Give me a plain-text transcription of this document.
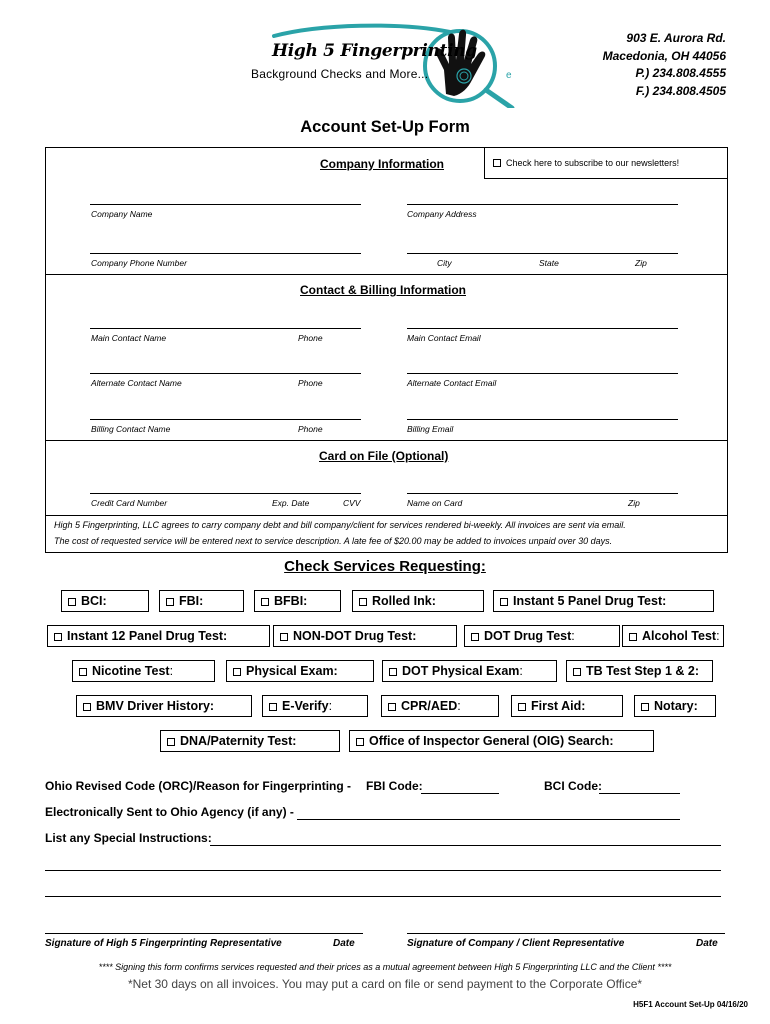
e
High 5 Fingerprinting
Background Checks and More...
903 E. Aurora Rd.
Macedonia, OH 44056
P.) 234.808.4555
F.) 234.808.4505
Account Set-Up Form
Company Information
Company Name	Company Address
Company Phone Number	City	State	Zip
Contact & Billing Information
Main Contact Name	Phone	Main Contact Email
Alternate Contact Name	Phone	Alternate Contact Email
Billing Contact Name	Phone	Billing Email
Card on File (Optional)
Credit Card Number	Exp. Date	CVV	Name on Card	Zip
High 5 Fingerprinting, LLC agrees to carry company debt and bill company/client for services rendered bi-weekly. All invoices are sent via email.
The cost of requested service will be entered next to service description. A late fee of $20.00 may be added to invoices unpaid over 30 days.
Check here to subscribe to our newsletters!
Check Services Requesting:
BCI:	FBI:	BFBI:	Rolled Ink:	Instant 5 Panel Drug Test:
Instant 12 Panel Drug Test:	NON-DOT Drug Test:	DOT Drug Test:	Alcohol Test:
Nicotine Test:	Physical Exam:	DOT Physical Exam:	TB Test Step 1 & 2:
BMV Driver History:	E-Verify:	CPR/AED:	First Aid:	Notary:
DNA/Paternity Test:	Office of Inspector General (OIG) Search:
Ohio Revised Code (ORC)/Reason for Fingerprinting - FBI Code:	BCI Code:
Electronically Sent to Ohio Agency (if any) -
List any Special Instructions:
Signature of High 5 Fingerprinting Representative	Date	Signature of Company / Client Representative	Date
**** Signing this form confirms services requested and their prices as a mutual agreement between High 5 Fingerprinting LLC and the Client ****
*Net 30 days on all invoices. You may put a card on file or send payment to the Corporate Office*
H5F1 Account Set-Up 04/16/20
